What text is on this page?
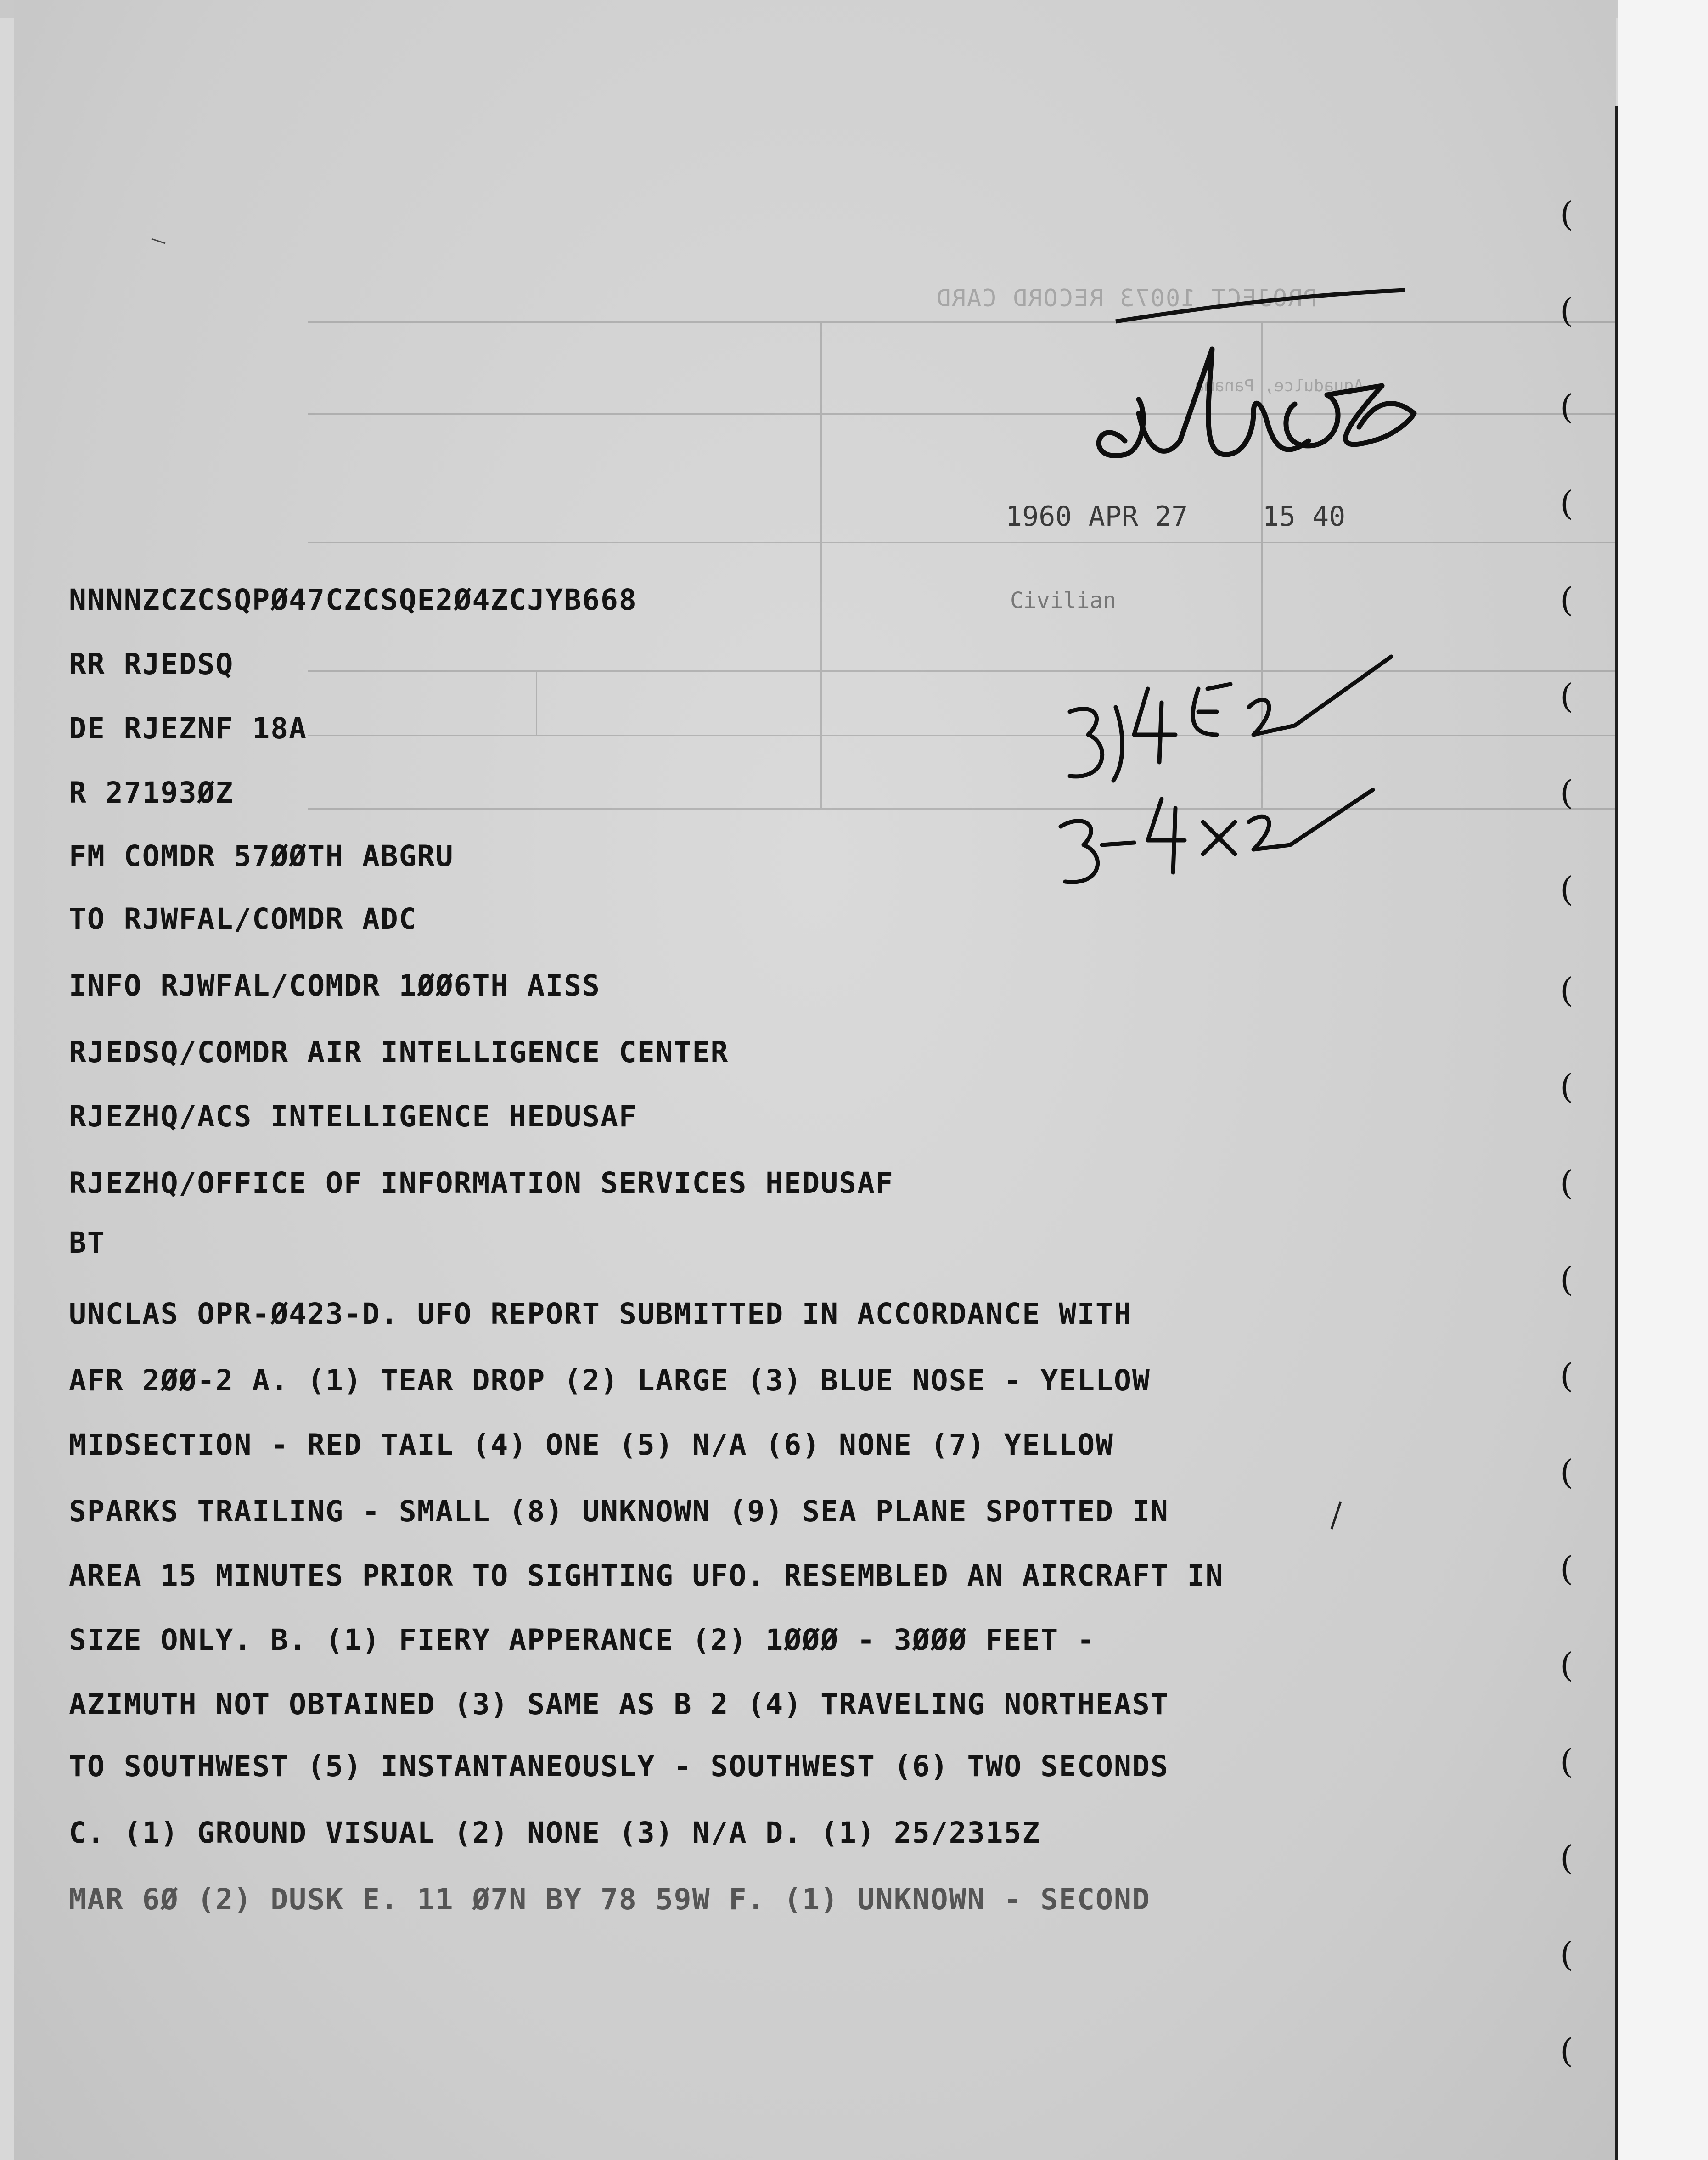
PROJECT 10073 RECORD CARD
Aguadulce, Panama
Civilian
1960 APR 27	15 40
NNNNZCZCSQPØ47CZCSQE2Ø4ZCJYB668
RR RJEDSQ
DE RJEZNF 18A
R 27193ØZ
FM COMDR 57ØØTH ABGRU
TO RJWFAL/COMDR ADC
INFO RJWFAL/COMDR 1ØØ6TH AISS
RJEDSQ/COMDR AIR INTELLIGENCE CENTER
RJEZHQ/ACS INTELLIGENCE HEDUSAF
RJEZHQ/OFFICE OF INFORMATION SERVICES HEDUSAF
BT
UNCLAS OPR-Ø423-D. UFO REPORT SUBMITTED IN ACCORDANCE WITH
AFR 2ØØ-2 A. (1) TEAR DROP (2) LARGE (3) BLUE NOSE - YELLOW
MIDSECTION - RED TAIL (4) ONE (5) N/A (6) NONE (7) YELLOW
SPARKS TRAILING - SMALL (8) UNKNOWN (9) SEA PLANE SPOTTED IN
AREA 15 MINUTES PRIOR TO SIGHTING UFO. RESEMBLED AN AIRCRAFT IN
SIZE ONLY. B. (1) FIERY APPERANCE (2) 1ØØØ - 3ØØØ FEET -
AZIMUTH NOT OBTAINED (3) SAME AS B 2 (4) TRAVELING NORTHEAST
TO SOUTHWEST (5) INSTANTANEOUSLY - SOUTHWEST (6) TWO SECONDS
C. (1) GROUND VISUAL (2) NONE (3) N/A D. (1) 25/2315Z
MAR 6Ø (2) DUSK E. 11 Ø7N BY 78 59W F. (1) UNKNOWN - SECOND
(
(
(
(
(
(
(
(
(
(
(
(
(
(
(
(
(
(
(
(
